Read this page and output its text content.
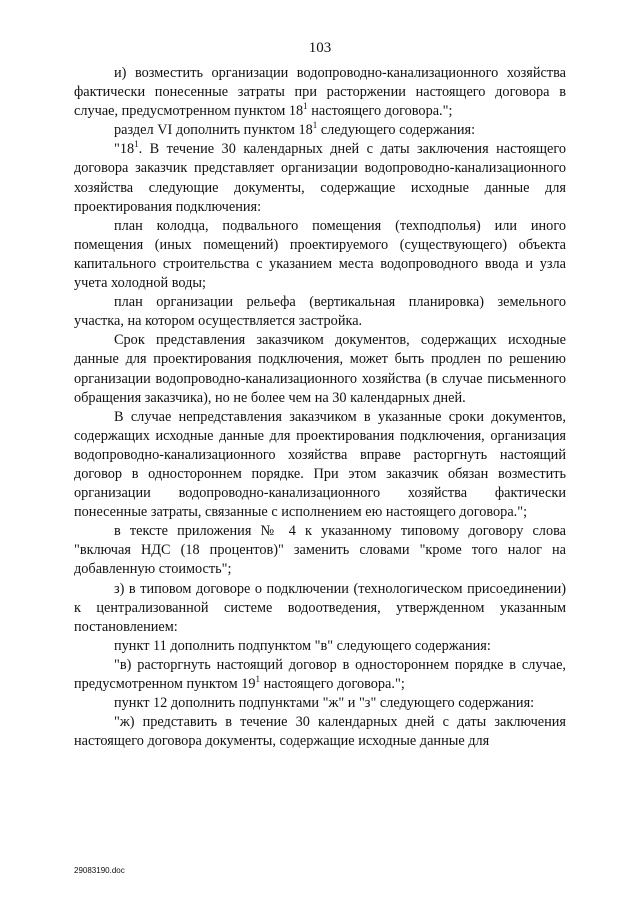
103

и) возместить организации водопроводно-канализационного хозяйства фактически понесенные затраты при расторжении настоящего договора в случае, предусмотренном пунктом $18^1$ настоящего договора.";

раздел VI дополнить пунктом $18^1$ следующего содержания:

"$18^1$. В течение 30 календарных дней с даты заключения настоящего договора заказчик представляет организации водопроводно-канализационного хозяйства следующие документы, содержащие исходные данные для проектирования подключения:

план колодца, подвального помещения (техподполья) или иного помещения (иных помещений) проектируемого (существующего) объекта капитального строительства с указанием места водопроводного ввода и узла учета холодной воды;

план организации рельефа (вертикальная планировка) земельного участка, на котором осуществляется застройка.

Срок представления заказчиком документов, содержащих исходные данные для проектирования подключения, может быть продлен по решению организации водопроводно-канализационного хозяйства (в случае письменного обращения заказчика), но не более чем на 30 календарных дней.

В случае непредставления заказчиком в указанные сроки документов, содержащих исходные данные для проектирования подключения, организация водопроводно-канализационного хозяйства вправе расторгнуть настоящий договор в одностороннем порядке. При этом заказчик обязан возместить организации водопроводно-канализационного хозяйства фактически понесенные затраты, связанные с исполнением ею настоящего договора.";

в тексте приложения № 4 к указанному типовому договору слова "включая НДС (18 процентов)" заменить словами "кроме того налог на добавленную стоимость";

з) в типовом договоре о подключении (технологическом присоединении) к централизованной системе водоотведения, утвержденном указанным постановлением:

пункт 11 дополнить подпунктом "в" следующего содержания:

"в) расторгнуть настоящий договор в одностороннем порядке в случае, предусмотренном пунктом $19^1$ настоящего договора.";

пункт 12 дополнить подпунктами "ж" и "з" следующего содержания:

"ж) представить в течение 30 календарных дней с даты заключения настоящего договора документы, содержащие исходные данные для

29083190.doc
